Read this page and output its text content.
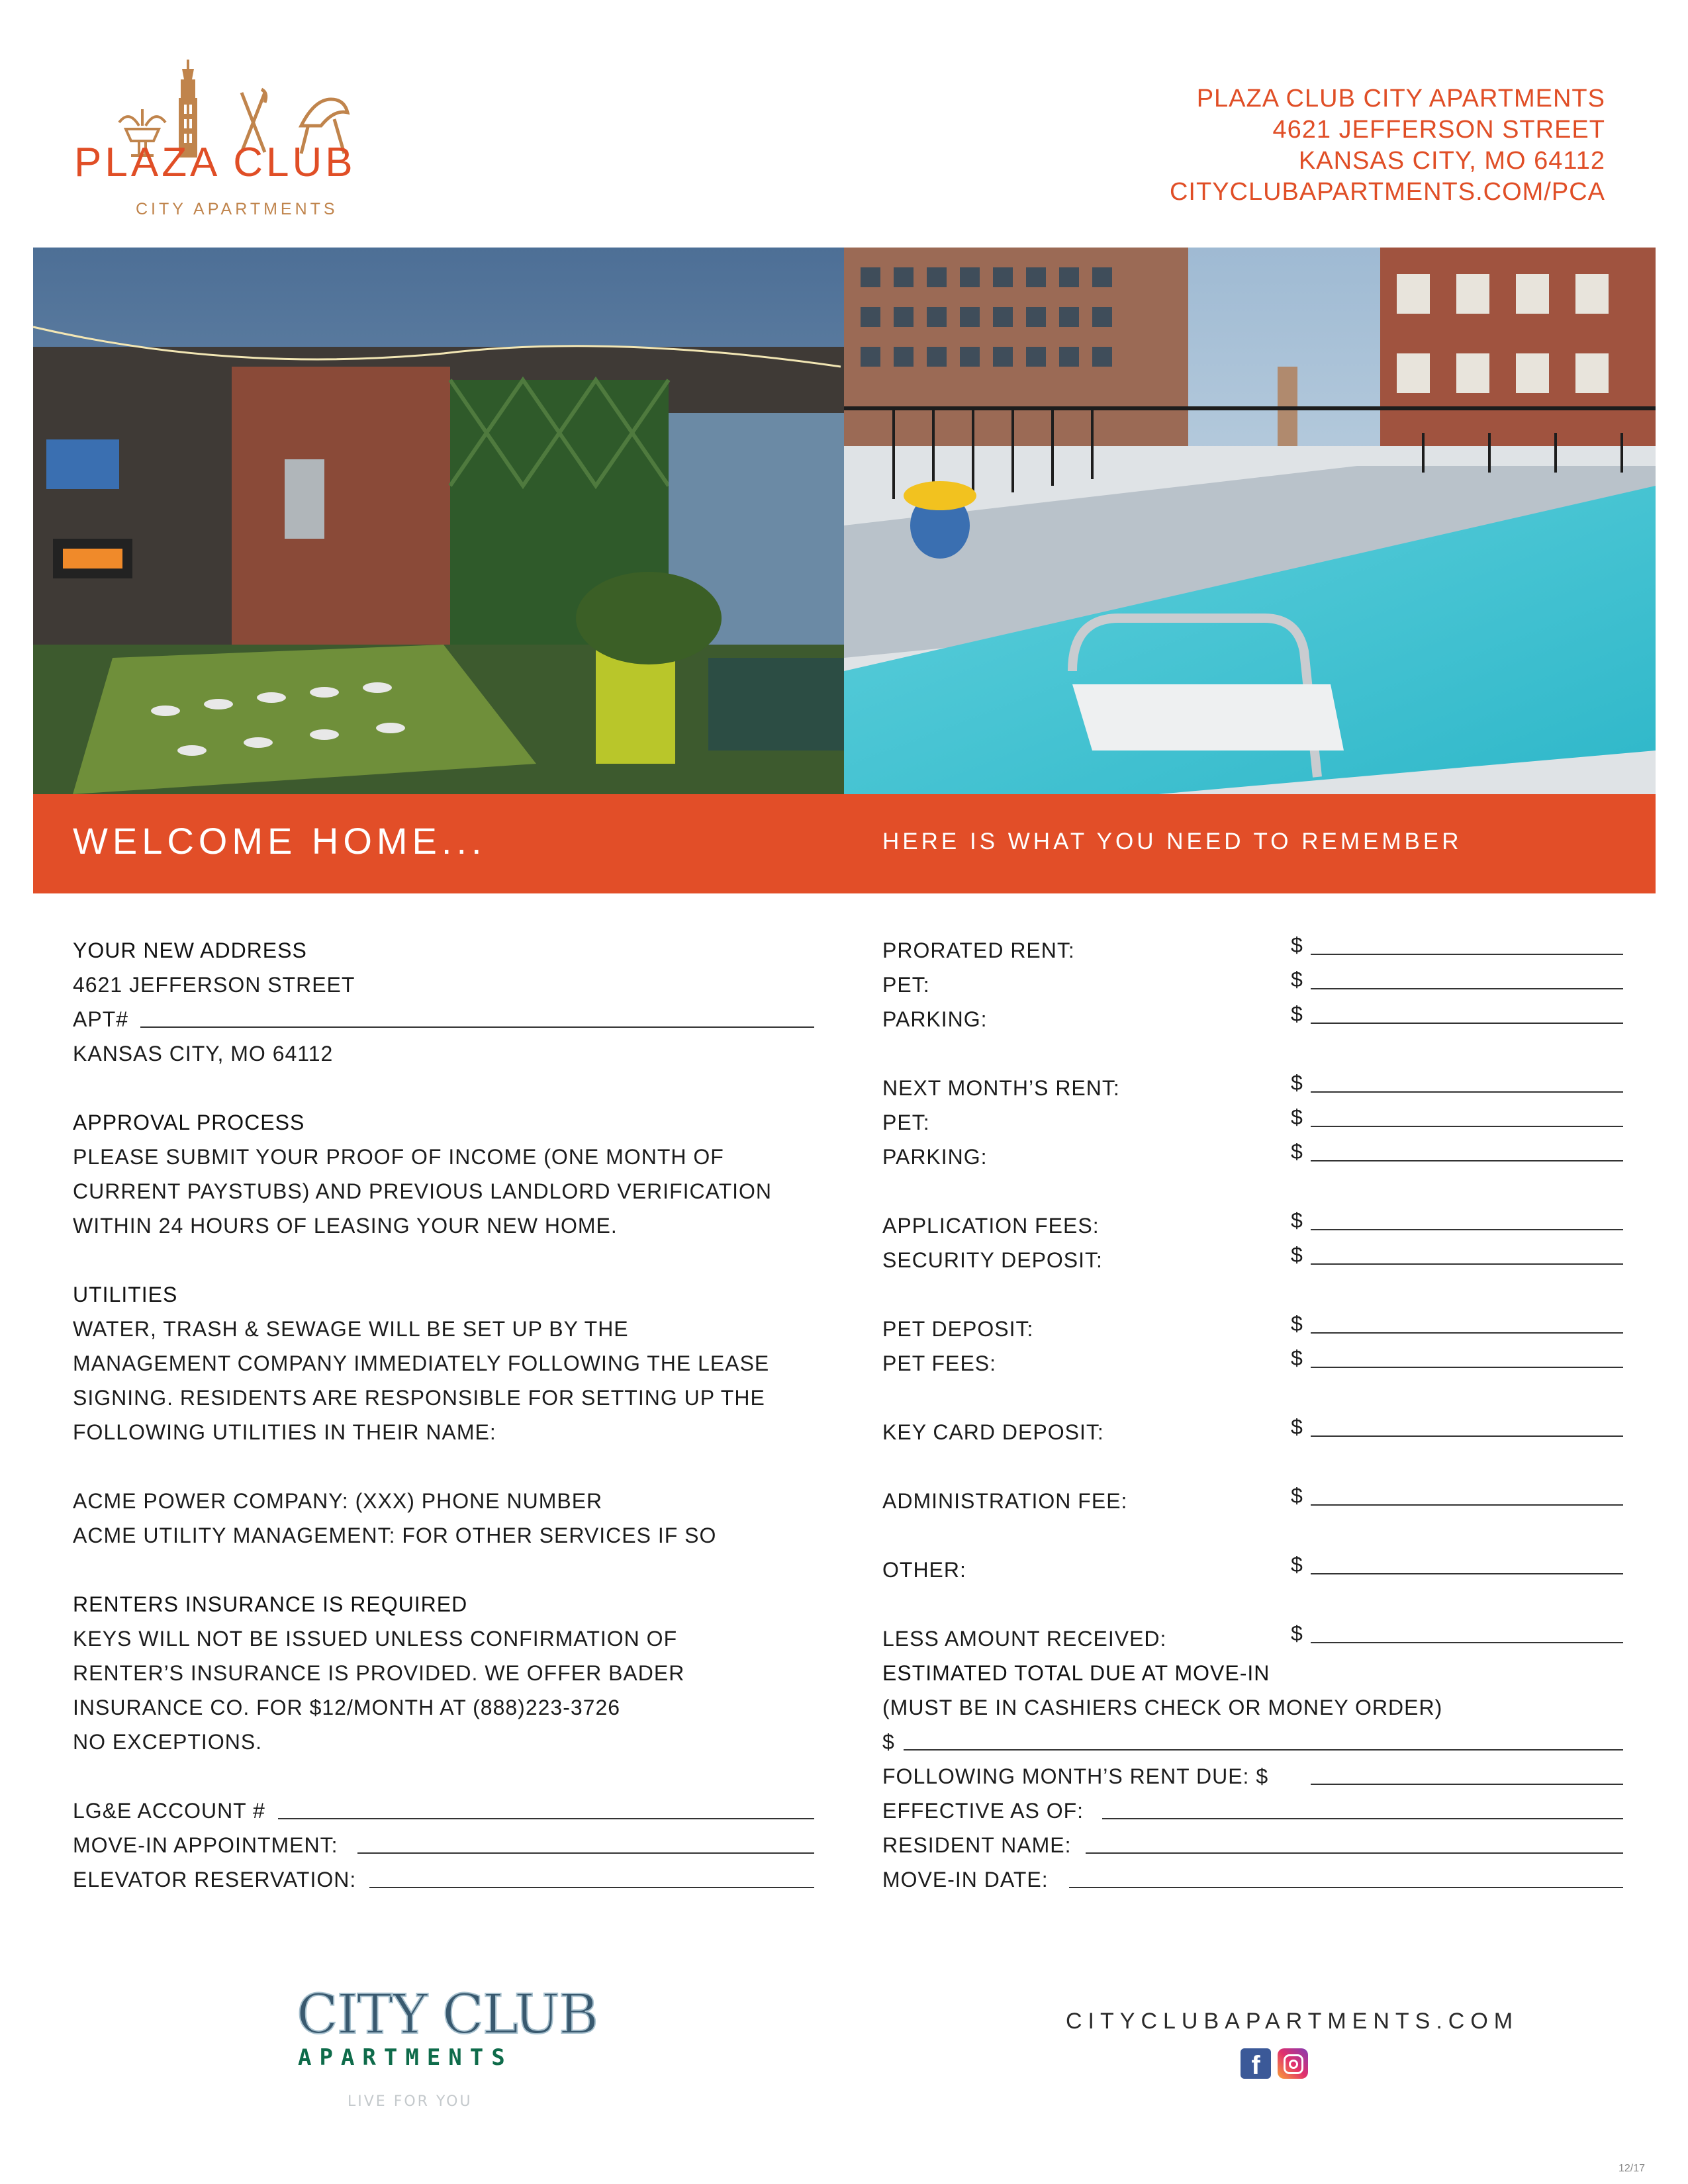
PLAZA CLUB
CITY APARTMENTS
PLAZA CLUB CITY APARTMENTS
4621 JEFFERSON STREET
KANSAS CITY, MO 64112
CITYCLUBAPARTMENTS.COM/PCA
WELCOME HOME...	HERE IS WHAT YOU NEED TO REMEMBER
YOUR NEW ADDRESS
4621 JEFFERSON STREET
APT#
KANSAS CITY, MO 64112
APPROVAL PROCESS
PLEASE SUBMIT YOUR PROOF OF INCOME (ONE MONTH OF
CURRENT PAYSTUBS) AND PREVIOUS LANDLORD VERIFICATION
WITHIN 24 HOURS OF LEASING YOUR NEW HOME.
UTILITIES
WATER, TRASH & SEWAGE WILL BE SET UP BY THE
MANAGEMENT COMPANY IMMEDIATELY FOLLOWING THE LEASE
SIGNING. RESIDENTS ARE RESPONSIBLE FOR SETTING UP THE
FOLLOWING UTILITIES IN THEIR NAME:
ACME POWER COMPANY: (XXX) PHONE NUMBER
ACME UTILITY MANAGEMENT: FOR OTHER SERVICES IF SO
RENTERS INSURANCE IS REQUIRED
KEYS WILL NOT BE ISSUED UNLESS CONFIRMATION OF
RENTER’S INSURANCE IS PROVIDED. WE OFFER BADER
INSURANCE CO. FOR $12/MONTH AT (888)223-3726
NO EXCEPTIONS.
LG&E ACCOUNT #
MOVE-IN APPOINTMENT:
ELEVATOR RESERVATION:
PRORATED RENT:	$
PET:	$
PARKING:	$
NEXT MONTH’S RENT:	$
PET:	$
PARKING:	$
APPLICATION FEES:	$
SECURITY DEPOSIT:	$
PET DEPOSIT:	$
PET FEES:	$
KEY CARD DEPOSIT:	$
ADMINISTRATION FEE:	$
OTHER:	$
LESS AMOUNT RECEIVED:	$
ESTIMATED TOTAL DUE AT MOVE-IN
(MUST BE IN CASHIERS CHECK OR MONEY ORDER)
$
FOLLOWING MONTH’S RENT DUE: $
EFFECTIVE AS OF:
RESIDENT NAME:
MOVE-IN DATE:
CITY CLUB
APARTMENTS
LIVE FOR YOU
CITYCLUBAPARTMENTS.COM
f
12/17
